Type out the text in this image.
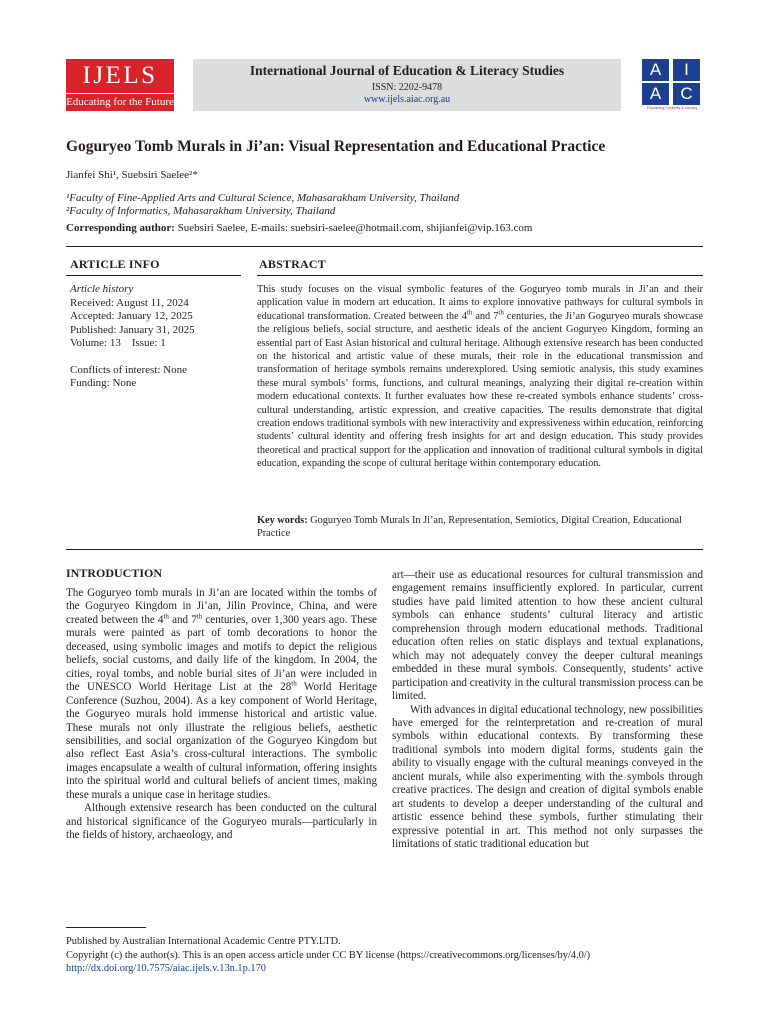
IJELS
Educating for the Future
International Journal of Education & Literacy Studies
ISSN: 2202-9478
www.ijels.aiac.org.au
A	I
A	C
Flourishing Creativity & Literacy
Goguryeo Tomb Murals in Ji’an: Visual Representation and Educational Practice
Jianfei Shi¹, Suebsiri Saelee²*
¹Faculty of Fine-Applied Arts and Cultural Science, Mahasarakham University, Thailand
²Faculty of Informatics, Mahasarakham University, Thailand
Corresponding author: Suebsiri Saelee, E-mails: suebsiri-saelee@hotmail.com, shijianfei@vip.163.com
ARTICLE INFO	ABSTRACT
Article history
Received: August 11, 2024
Accepted: January 12, 2025
Published: January 31, 2025
Volume: 13    Issue: 1
Conflicts of interest: None
Funding: None
This study focuses on the visual symbolic features of the Goguryeo tomb murals in Ji’an and their application value in modern art education. It aims to explore innovative pathways for cultural symbols in educational transformation. Created between the 4th and 7th centuries, the Ji’an Goguryeo murals showcase the religious beliefs, social structure, and aesthetic ideals of the ancient Goguryeo Kingdom, forming an essential part of East Asian historical and cultural heritage. Although extensive research has been conducted on the historical and artistic value of these murals, their role in the educational transmission and transformation of heritage symbols remains underexplored. Using semiotic analysis, this study examines these mural symbols’ forms, functions, and cultural meanings, analyzing their digital re-creation within modern educational contexts. It further evaluates how these re-created symbols enhance students’ cross-cultural understanding, artistic expression, and creative capacities. The results demonstrate that digital creation endows traditional symbols with new interactivity and expressiveness within education, reinforcing students’ cultural identity and offering fresh insights for art and design education. This study provides theoretical and practical support for the application and innovation of traditional cultural symbols in digital education, expanding the scope of cultural heritage within contemporary education.
Key words: Goguryeo Tomb Murals In Ji’an, Representation, Semiotics, Digital Creation, Educational Practice
INTRODUCTION

The Goguryeo tomb murals in Ji’an are located within the tombs of the Goguryeo Kingdom in Ji’an, Jilin Province, China, and were created between the 4th and 7th centuries, over 1,300 years ago. These murals were painted as part of tomb decorations to honor the deceased, using symbolic images and motifs to depict the religious beliefs, social customs, and daily life of the kingdom. In 2004, the cities, royal tombs, and noble burial sites of Ji’an were included in the UNESCO World Heritage List at the 28th World Heritage Conference (Suzhou, 2004). As a key component of World Heritage, the Goguryeo murals hold immense historical and artistic value. These murals not only illustrate the religious beliefs, aesthetic sensibilities, and social organization of the Goguryeo Kingdom but also reflect East Asia’s cross-cultural interactions. The symbolic images encapsulate a wealth of cultural information, offering insights into the spiritual world and cultural beliefs of ancient times, making these murals a unique case in heritage studies.

Although extensive research has been conducted on the cultural and historical significance of the Goguryeo murals—particularly in the fields of history, archaeology, and

art—their use as educational resources for cultural transmission and engagement remains insufficiently explored. In particular, current studies have paid limited attention to how these ancient cultural symbols can enhance students’ cultural literacy and artistic comprehension through modern educational methods. Traditional education often relies on static displays and textual explanations, which may not adequately convey the deeper cultural meanings embedded in these mural symbols. Consequently, students’ active participation and creativity in the cultural transmission process can be limited.

With advances in digital educational technology, new possibilities have emerged for the reinterpretation and re-creation of mural symbols within educational contexts. By transforming these traditional symbols into modern digital forms, students gain the ability to visually engage with the cultural meanings conveyed in the ancient murals, while also experimenting with the symbols through creative practices. The design and creation of digital symbols enable art students to develop a deeper understanding of the cultural and artistic essence behind these symbols, further stimulating their expressive potential in art. This method not only surpasses the limitations of static traditional education but

Published by Australian International Academic Centre PTY.LTD.
Copyright (c) the author(s). This is an open access article under CC BY license (https://creativecommons.org/licenses/by/4.0/)
http://dx.doi.org/10.7575/aiac.ijels.v.13n.1p.170
